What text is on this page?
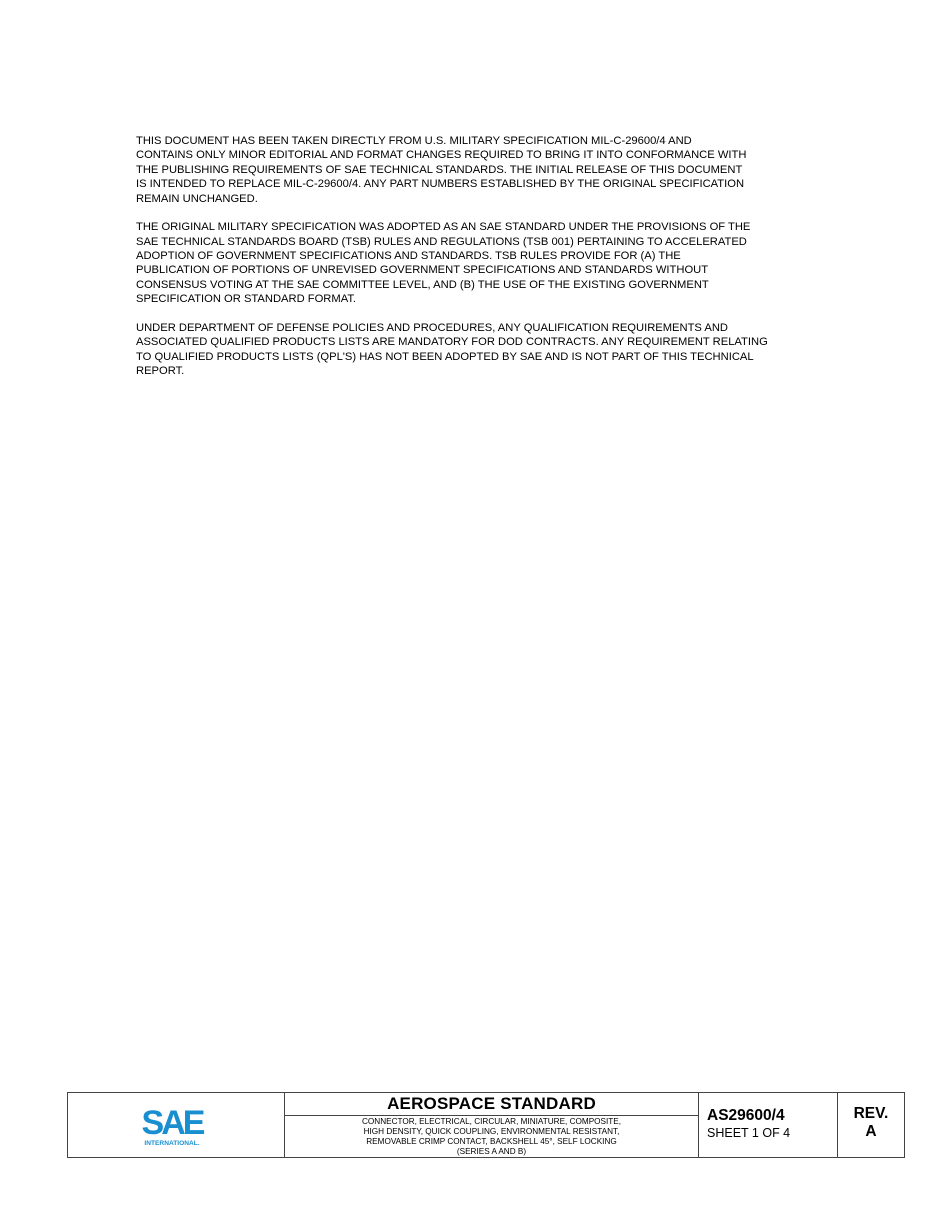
THIS DOCUMENT HAS BEEN TAKEN DIRECTLY FROM U.S. MILITARY SPECIFICATION MIL-C-29600/4 AND
CONTAINS ONLY MINOR EDITORIAL AND FORMAT CHANGES REQUIRED TO BRING IT INTO CONFORMANCE WITH
THE PUBLISHING REQUIREMENTS OF SAE TECHNICAL STANDARDS. THE INITIAL RELEASE OF THIS DOCUMENT
IS INTENDED TO REPLACE MIL-C-29600/4. ANY PART NUMBERS ESTABLISHED BY THE ORIGINAL SPECIFICATION
REMAIN UNCHANGED.

THE ORIGINAL MILITARY SPECIFICATION WAS ADOPTED AS AN SAE STANDARD UNDER THE PROVISIONS OF THE
SAE TECHNICAL STANDARDS BOARD (TSB) RULES AND REGULATIONS (TSB 001) PERTAINING TO ACCELERATED
ADOPTION OF GOVERNMENT SPECIFICATIONS AND STANDARDS. TSB RULES PROVIDE FOR (A) THE
PUBLICATION OF PORTIONS OF UNREVISED GOVERNMENT SPECIFICATIONS AND STANDARDS WITHOUT
CONSENSUS VOTING AT THE SAE COMMITTEE LEVEL, AND (B) THE USE OF THE EXISTING GOVERNMENT
SPECIFICATION OR STANDARD FORMAT.

UNDER DEPARTMENT OF DEFENSE POLICIES AND PROCEDURES, ANY QUALIFICATION REQUIREMENTS AND
ASSOCIATED QUALIFIED PRODUCTS LISTS ARE MANDATORY FOR DOD CONTRACTS. ANY REQUIREMENT RELATING
TO QUALIFIED PRODUCTS LISTS (QPL'S) HAS NOT BEEN ADOPTED BY SAE AND IS NOT PART OF THIS TECHNICAL
REPORT.

SAE
INTERNATIONAL.
AEROSPACE STANDARD
CONNECTOR, ELECTRICAL, CIRCULAR, MINIATURE, COMPOSITE,
HIGH DENSITY, QUICK COUPLING, ENVIRONMENTAL RESISTANT,
REMOVABLE CRIMP CONTACT, BACKSHELL 45°, SELF LOCKING
(SERIES A AND B)
AS29600/4
SHEET 1 OF 4
REV.
A
